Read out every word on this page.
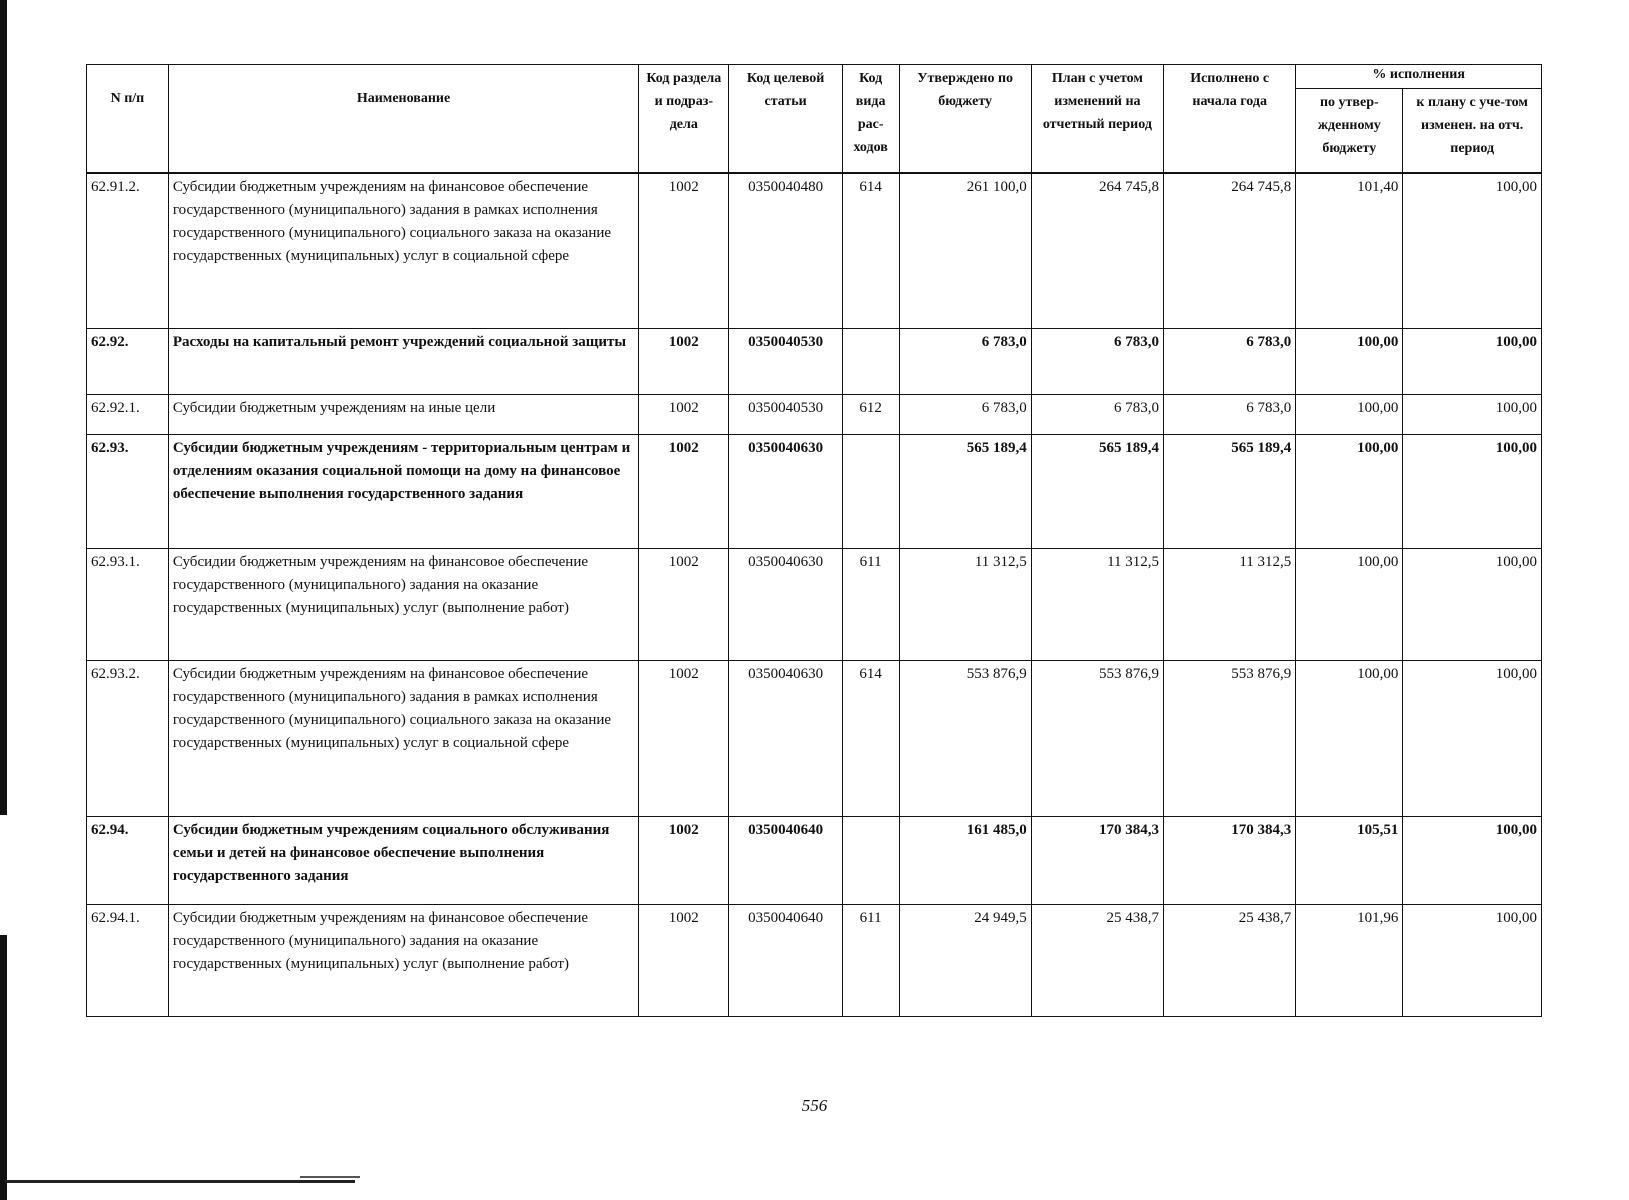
N п/п	Наименование	Код раздела и подраз-дела	Код целевой статьи	Код вида рас-ходов	Утверждено по бюджету	План с учетом изменений на отчетный период	Исполнено с начала года	% исполнения	
								по утвер-жденному бюджету	к плану с уче-том изменен. на отч. период
62.91.2.	Субсидии бюджетным учреждениям на финансовое обеспечение государственного (муниципального) задания в рамках исполнения государственного (муниципального) социального заказа на оказание государственных (муниципальных) услуг в социальной сфере	1002	0350040480	614	261 100,0	264 745,8	264 745,8	101,40	100,00
62.92.	Расходы на капитальный ремонт учреждений социальной защиты	1002	0350040530		6 783,0	6 783,0	6 783,0	100,00	100,00
62.92.1.	Субсидии бюджетным учреждениям на иные цели	1002	0350040530	612	6 783,0	6 783,0	6 783,0	100,00	100,00
62.93.	Субсидии бюджетным учреждениям - территориальным центрам и отделениям оказания социальной помощи на дому на финансовое обеспечение выполнения государственного задания	1002	0350040630		565 189,4	565 189,4	565 189,4	100,00	100,00
62.93.1.	Субсидии бюджетным учреждениям на финансовое обеспечение государственного (муниципального) задания на оказание государственных (муниципальных) услуг (выполнение работ)	1002	0350040630	611	11 312,5	11 312,5	11 312,5	100,00	100,00
62.93.2.	Субсидии бюджетным учреждениям на финансовое обеспечение государственного (муниципального) задания в рамках исполнения государственного (муниципального) социального заказа на оказание государственных (муниципальных) услуг в социальной сфере	1002	0350040630	614	553 876,9	553 876,9	553 876,9	100,00	100,00
62.94.	Субсидии бюджетным учреждениям социального обслуживания семьи и детей на финансовое обеспечение выполнения государственного задания	1002	0350040640		161 485,0	170 384,3	170 384,3	105,51	100,00
62.94.1.	Субсидии бюджетным учреждениям на финансовое обеспечение государственного (муниципального) задания на оказание государственных (муниципальных) услуг (выполнение работ)	1002	0350040640	611	24 949,5	25 438,7	25 438,7	101,96	100,00
556
